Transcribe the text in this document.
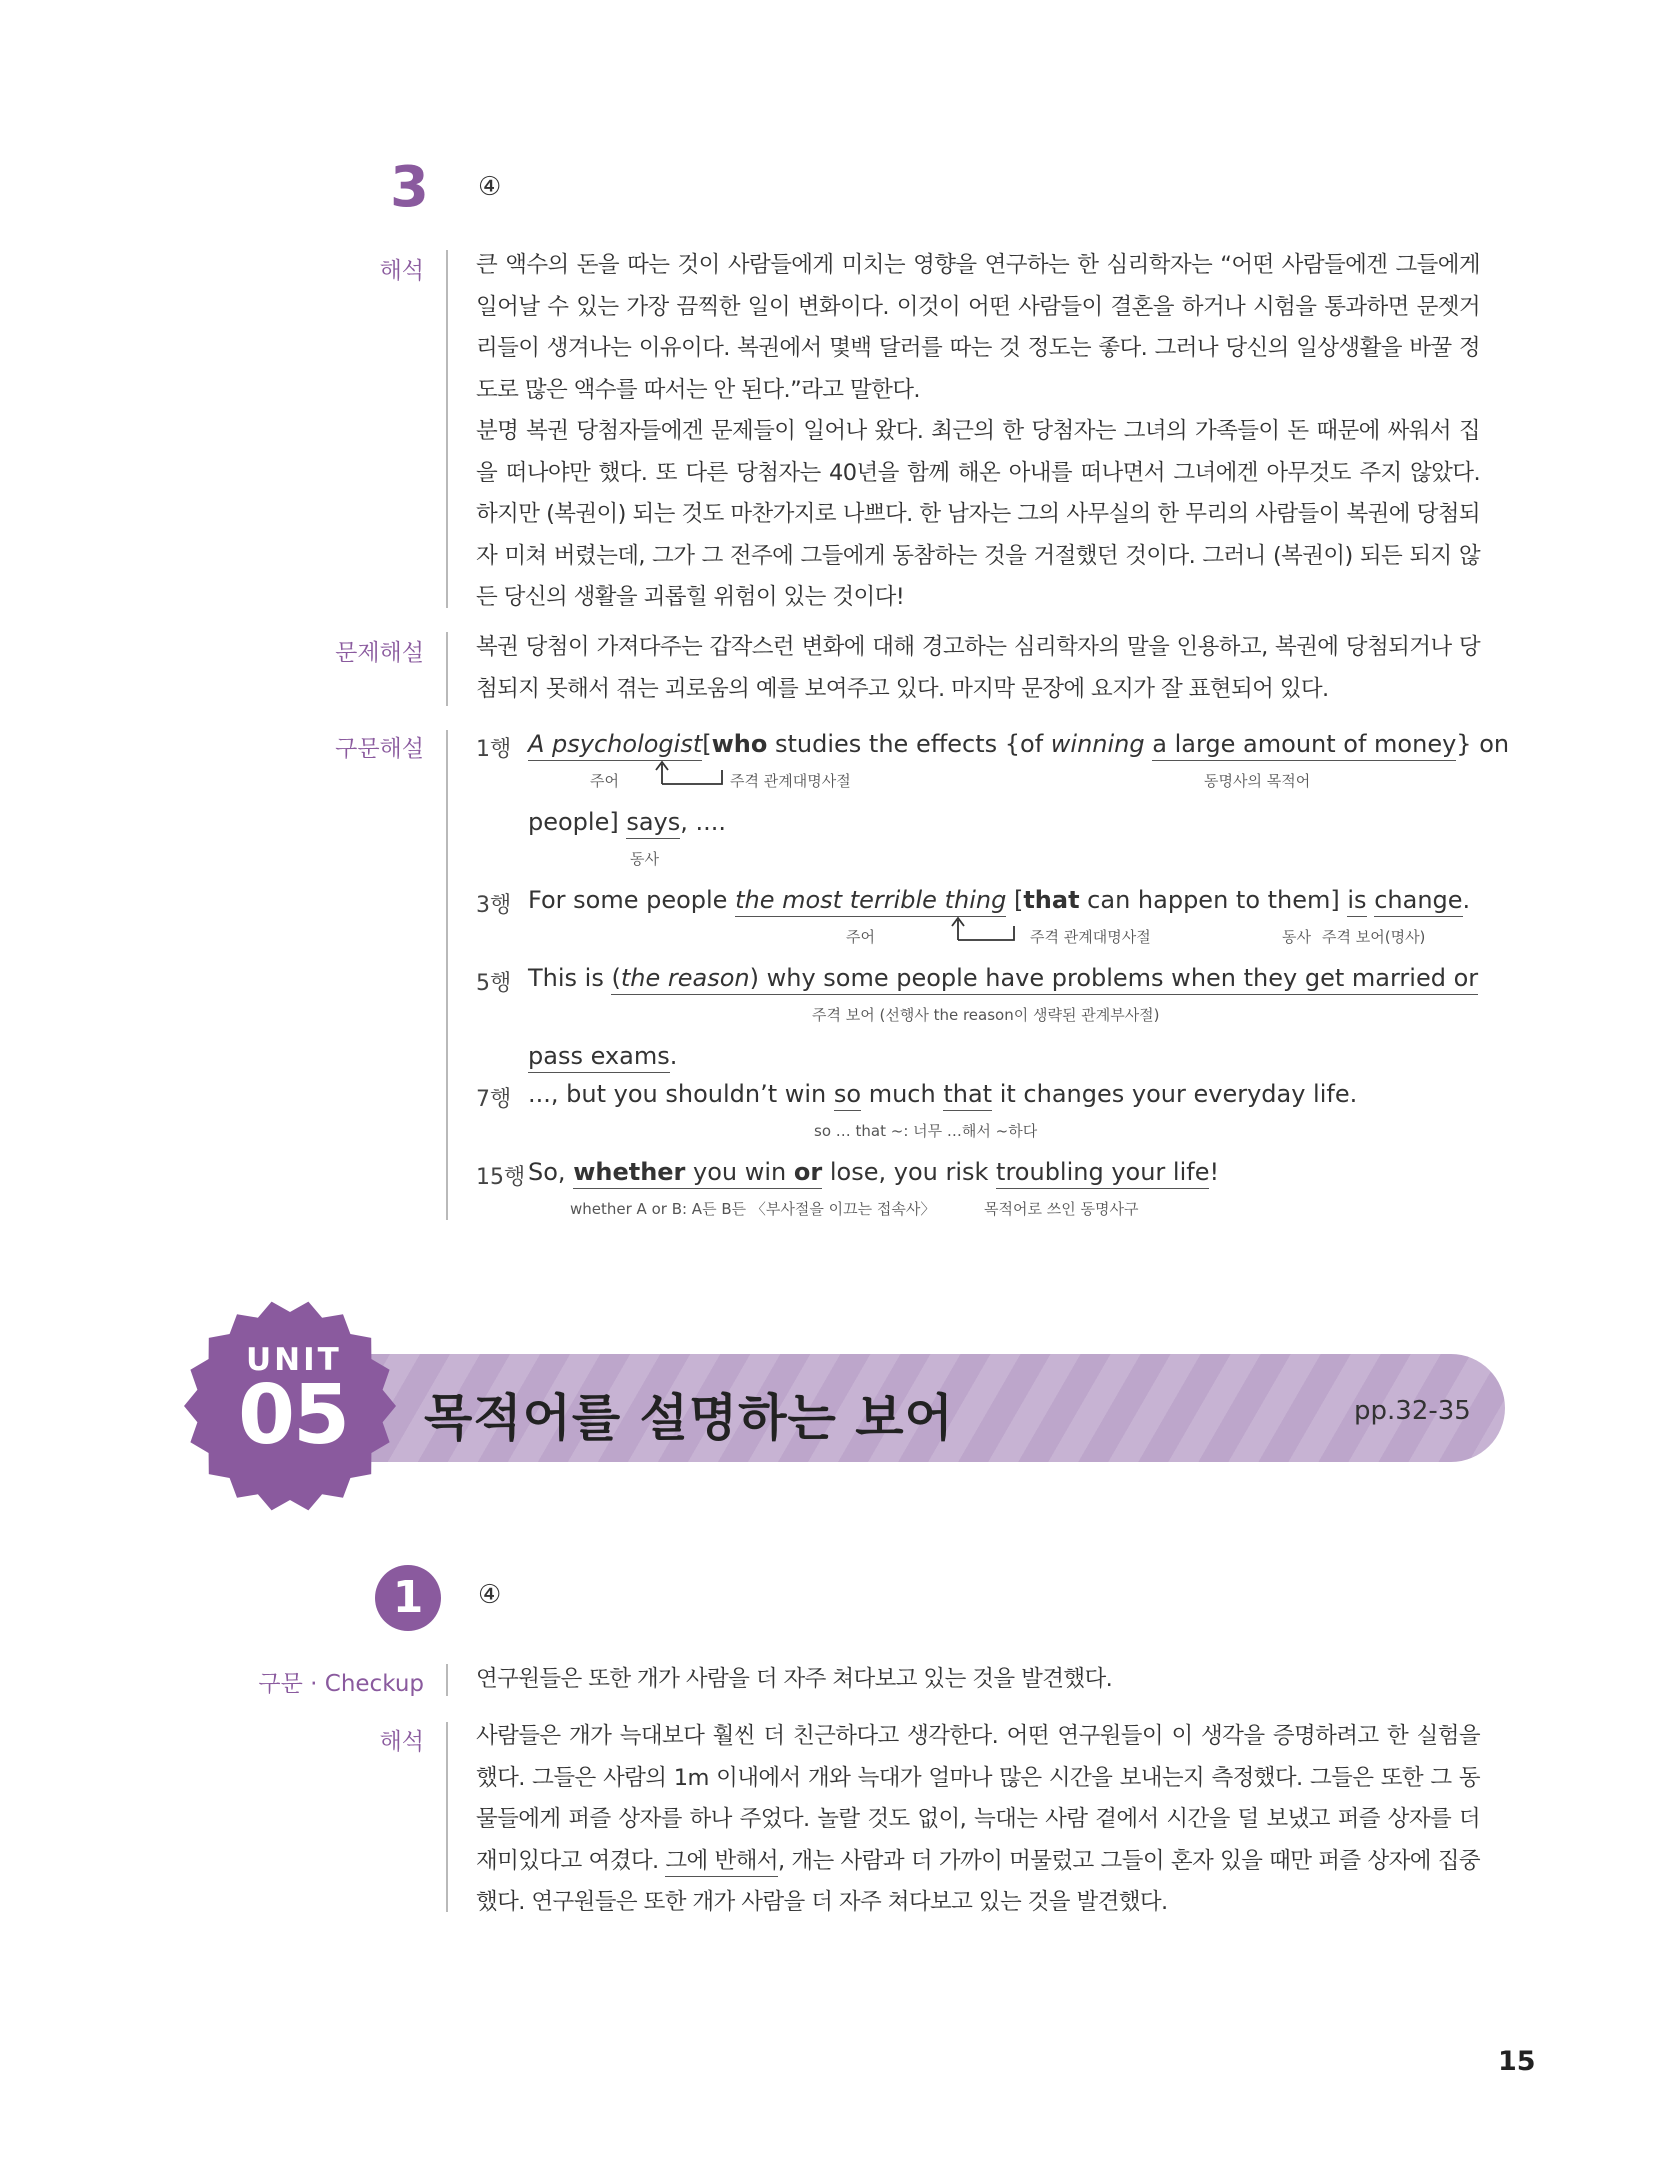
3 ④
해석 큰 액수의 돈을 따는 것이 사람들에게 미치는 영향을 연구하는 한 심리학자는 “어떤 사람들에겐 그들에게 일어날 수 있는 가장 끔찍한 일이 변화이다. 이것이 어떤 사람들이 결혼을 하거나 시험을 통과하면 문젯거리들이 생겨나는 이유이다. 복권에서 몇백 달러를 따는 것 정도는 좋다. 그러나 당신의 일상생활을 바꿀 정도로 많은 액수를 따서는 안 된다.”라고 말한다.

분명 복권 당첨자들에겐 문제들이 일어나 왔다. 최근의 한 당첨자는 그녀의 가족들이 돈 때문에 싸워서 집을 떠나야만 했다. 또 다른 당첨자는 40년을 함께 해온 아내를 떠나면서 그녀에겐 아무것도 주지 않았다. 하지만 (복권이) 되는 것도 마찬가지로 나쁘다. 한 남자는 그의 사무실의 한 무리의 사람들이 복권에 당첨되자 미쳐 버렸는데, 그가 그 전주에 그들에게 동참하는 것을 거절했던 것이다. 그러니 (복권이) 되든 되지 않든 당신의 생활을 괴롭힐 위험이 있는 것이다!

문제해설 복권 당첨이 가져다주는 갑작스런 변화에 대해 경고하는 심리학자의 말을 인용하고, 복권에 당첨되거나 당첨되지 못해서 겪는 괴로움의 예를 보여주고 있다. 마지막 문장에 요지가 잘 표현되어 있다.
구문해설 1행 A psychologist[who studies the effects {of winning a large amount of money} on
주어	주격 관계대명사절	동명사의 목적어
people] says, ....
동사
3행 For some people the most terrible thing [that can happen to them] is change.
주어	주격 관계대명사절	동사 주격 보어(명사)
5행 This is (the reason) why some people have problems when they get married or
주격 보어 (선행사 the reason이 생략된 관계부사절)
pass exams.
7행 ..., but you shouldn’t win so much that it changes your everyday life.
so … that ~: 너무 …해서 ~하다
15행 So, whether you win or lose, you risk troubling your life!
whether A or B: A든 B든 〈부사절을 이끄는 접속사〉	목적어로 쓰인 동명사구
UNIT
05 목적어를 설명하는 보어	pp.32-35
1	④
구문 · Checkup 연구원들은 또한 개가 사람을 더 자주 쳐다보고 있는 것을 발견했다.
해석 사람들은 개가 늑대보다 훨씬 더 친근하다고 생각한다. 어떤 연구원들이 이 생각을 증명하려고 한 실험을 했다. 그들은 사람의 1m 이내에서 개와 늑대가 얼마나 많은 시간을 보내는지 측정했다. 그들은 또한 그 동물들에게 퍼즐 상자를 하나 주었다. 놀랄 것도 없이, 늑대는 사람 곁에서 시간을 덜 보냈고 퍼즐 상자를 더 재미있다고 여겼다. 그에 반해서, 개는 사람과 더 가까이 머물렀고 그들이 혼자 있을 때만 퍼즐 상자에 집중했다. 연구원들은 또한 개가 사람을 더 자주 쳐다보고 있는 것을 발견했다.
15
